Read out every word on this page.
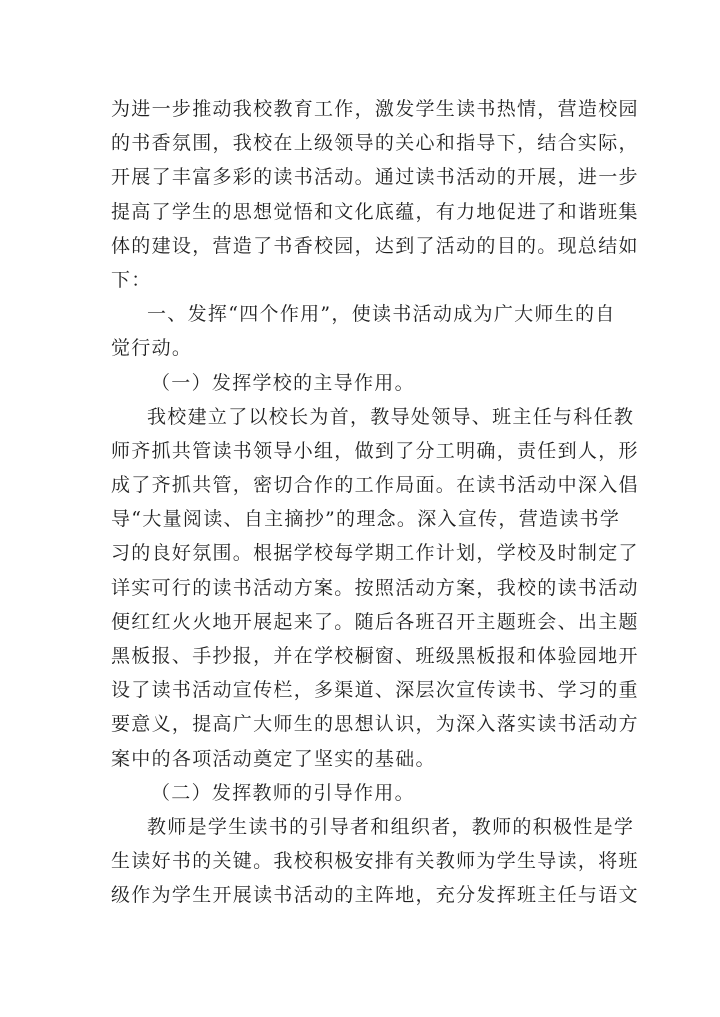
为进一步推动我校教育工作，激发学生读书热情，营造校园
的书香氛围，我校在上级领导的关心和指导下，结合实际，
开展了丰富多彩的读书活动。通过读书活动的开展，进一步
提高了学生的思想觉悟和文化底蕴，有力地促进了和谐班集
体的建设，营造了书香校园，达到了活动的目的。现总结如
下：
一、发挥“四个作用”，使读书活动成为广大师生的自
觉行动。
（一）发挥学校的主导作用。
我校建立了以校长为首，教导处领导、班主任与科任教
师齐抓共管读书领导小组，做到了分工明确，责任到人，形
成了齐抓共管，密切合作的工作局面。在读书活动中深入倡
导“大量阅读、自主摘抄”的理念。深入宣传，营造读书学
习的良好氛围。根据学校每学期工作计划，学校及时制定了
详实可行的读书活动方案。按照活动方案，我校的读书活动
便红红火火地开展起来了。随后各班召开主题班会、出主题
黑板报、手抄报，并在学校橱窗、班级黑板报和体验园地开
设了读书活动宣传栏，多渠道、深层次宣传读书、学习的重
要意义，提高广大师生的思想认识，为深入落实读书活动方
案中的各项活动奠定了坚实的基础。
（二）发挥教师的引导作用。
教师是学生读书的引导者和组织者，教师的积极性是学
生读好书的关键。我校积极安排有关教师为学生导读，将班
级作为学生开展读书活动的主阵地，充分发挥班主任与语文
